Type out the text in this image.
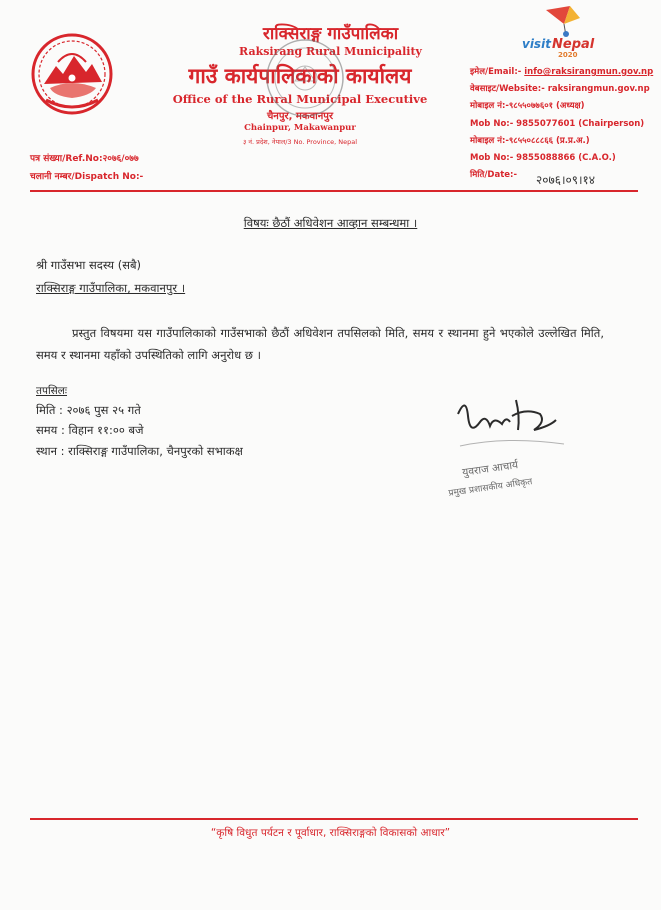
राक्सिराङ्ग गाउँपालिका
Raksirang Rural Municipality
गाउँ कार्यपालिकाको कार्यालय
Office of the Rural Municipal Executive
चैनपुर, मकवानपुर
Chainpur, Makawanpur
३ नं. प्रदेश, नेपाल/3 No. Province, Nepal
visit Nepal
2020
इमेल/Email:- info@raksirangmun.gov.np
वेबसाइट/Website:- raksirangmun.gov.np
मोबाइल नं:-९८५५०७७६०१ (अध्यक्ष)
Mob No:- 9855077601 (Chairperson)
मोबाइल नं:-९८५५०८८८६६ (प्र.प्र.अ.)
Mob No:- 9855088866 (C.A.O.)
मिति/Date:-	२०७६।०९।१४
पत्र संख्या/Ref.No:२०७६/०७७
चलानी नम्बर/Dispatch No:-
विषयः छैठौं अधिवेशन आव्हान सम्बन्धमा ।
श्री गाउँसभा सदस्य (सबै)
राक्सिराङ्ग गाउँपालिका, मकवानपुर ।
प्रस्तुत विषयमा यस गाउँपालिकाको गाउँसभाको छैठौं अधिवेशन तपसिलको मिति, समय र स्थानमा हुने भएकोले उल्लेखित मिति, समय र स्थानमा यहाँको उपस्थितिको लागि अनुरोध छ ।
तपसिलः
मिति : २०७६ पुस २५ गते
समय : विहान ११:०० बजे
स्थान : राक्सिराङ्ग गाउँपालिका, चैनपुरको सभाकक्ष
युवराज आचार्य
प्रमुख प्रशासकीय अधिकृत
“कृषि विधुत पर्यटन र पूर्वाधार, राक्सिराङ्गको विकासको आधार”
